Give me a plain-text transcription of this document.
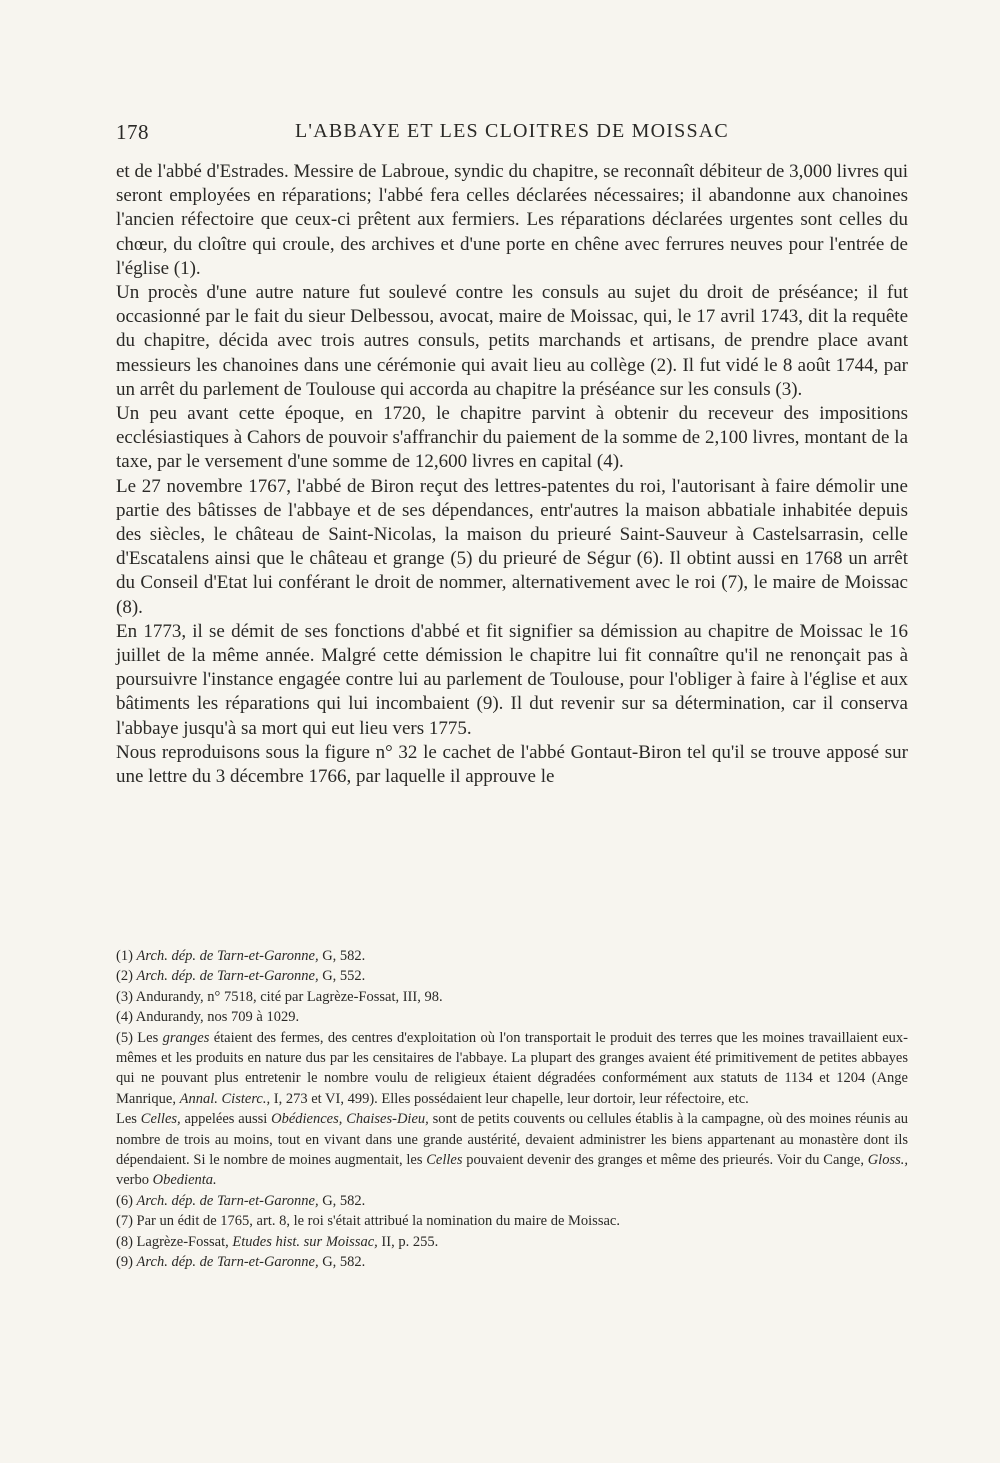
178	L'ABBAYE ET LES CLOITRES DE MOISSAC

et de l'abbé d'Estrades. Messire de Labroue, syndic du chapitre, se reconnaît débiteur de 3,000 livres qui seront employées en réparations; l'abbé fera celles déclarées nécessaires; il abandonne aux chanoines l'ancien réfectoire que ceux-ci prêtent aux fermiers. Les réparations déclarées urgentes sont celles du chœur, du cloître qui croule, des archives et d'une porte en chêne avec ferrures neuves pour l'entrée de l'église (1).

Un procès d'une autre nature fut soulevé contre les consuls au sujet du droit de préséance; il fut occasionné par le fait du sieur Delbessou, avocat, maire de Moissac, qui, le 17 avril 1743, dit la requête du chapitre, décida avec trois autres consuls, petits marchands et artisans, de prendre place avant messieurs les chanoines dans une cérémonie qui avait lieu au collège (2). Il fut vidé le 8 août 1744, par un arrêt du parlement de Toulouse qui accorda au chapitre la préséance sur les consuls (3).

Un peu avant cette époque, en 1720, le chapitre parvint à obtenir du receveur des impositions ecclésiastiques à Cahors de pouvoir s'affranchir du paiement de la somme de 2,100 livres, montant de la taxe, par le versement d'une somme de 12,600 livres en capital (4).

Le 27 novembre 1767, l'abbé de Biron reçut des lettres-patentes du roi, l'autorisant à faire démolir une partie des bâtisses de l'abbaye et de ses dépendances, entr'autres la maison abbatiale inhabitée depuis des siècles, le château de Saint-Nicolas, la maison du prieuré Saint-Sauveur à Castelsarrasin, celle d'Escatalens ainsi que le château et grange (5) du prieuré de Ségur (6). Il obtint aussi en 1768 un arrêt du Conseil d'Etat lui conférant le droit de nommer, alternativement avec le roi (7), le maire de Moissac (8).

En 1773, il se démit de ses fonctions d'abbé et fit signifier sa démission au chapitre de Moissac le 16 juillet de la même année. Malgré cette démission le chapitre lui fit connaître qu'il ne renonçait pas à poursuivre l'instance engagée contre lui au parlement de Toulouse, pour l'obliger à faire à l'église et aux bâtiments les réparations qui lui incombaient (9). Il dut revenir sur sa détermination, car il conserva l'abbaye jusqu'à sa mort qui eut lieu vers 1775.

Nous reproduisons sous la figure n° 32 le cachet de l'abbé Gontaut-Biron tel qu'il se trouve apposé sur une lettre du 3 décembre 1766, par laquelle il approuve le

(1) Arch. dép. de Tarn-et-Garonne, G, 582.

(2) Arch. dép. de Tarn-et-Garonne, G, 552.

(3) Andurandy, n° 7518, cité par Lagrèze-Fossat, III, 98.

(4) Andurandy, nos 709 à 1029.

(5) Les granges étaient des fermes, des centres d'exploitation où l'on transportait le produit des terres que les moines travaillaient eux-mêmes et les produits en nature dus par les censitaires de l'abbaye. La plupart des granges avaient été primitivement de petites abbayes qui ne pouvant plus entretenir le nombre voulu de religieux étaient dégradées conformément aux statuts de 1134 et 1204 (Ange Manrique, Annal. Cisterc., I, 273 et VI, 499). Elles possédaient leur chapelle, leur dortoir, leur réfectoire, etc.

Les Celles, appelées aussi Obédiences, Chaises-Dieu, sont de petits couvents ou cellules établis à la campagne, où des moines réunis au nombre de trois au moins, tout en vivant dans une grande austérité, devaient administrer les biens appartenant au monastère dont ils dépendaient. Si le nombre de moines augmentait, les Celles pouvaient devenir des granges et même des prieurés. Voir du Cange, Gloss., verbo Obedienta.

(6) Arch. dép. de Tarn-et-Garonne, G, 582.

(7) Par un édit de 1765, art. 8, le roi s'était attribué la nomination du maire de Moissac.

(8) Lagrèze-Fossat, Etudes hist. sur Moissac, II, p. 255.

(9) Arch. dép. de Tarn-et-Garonne, G, 582.
